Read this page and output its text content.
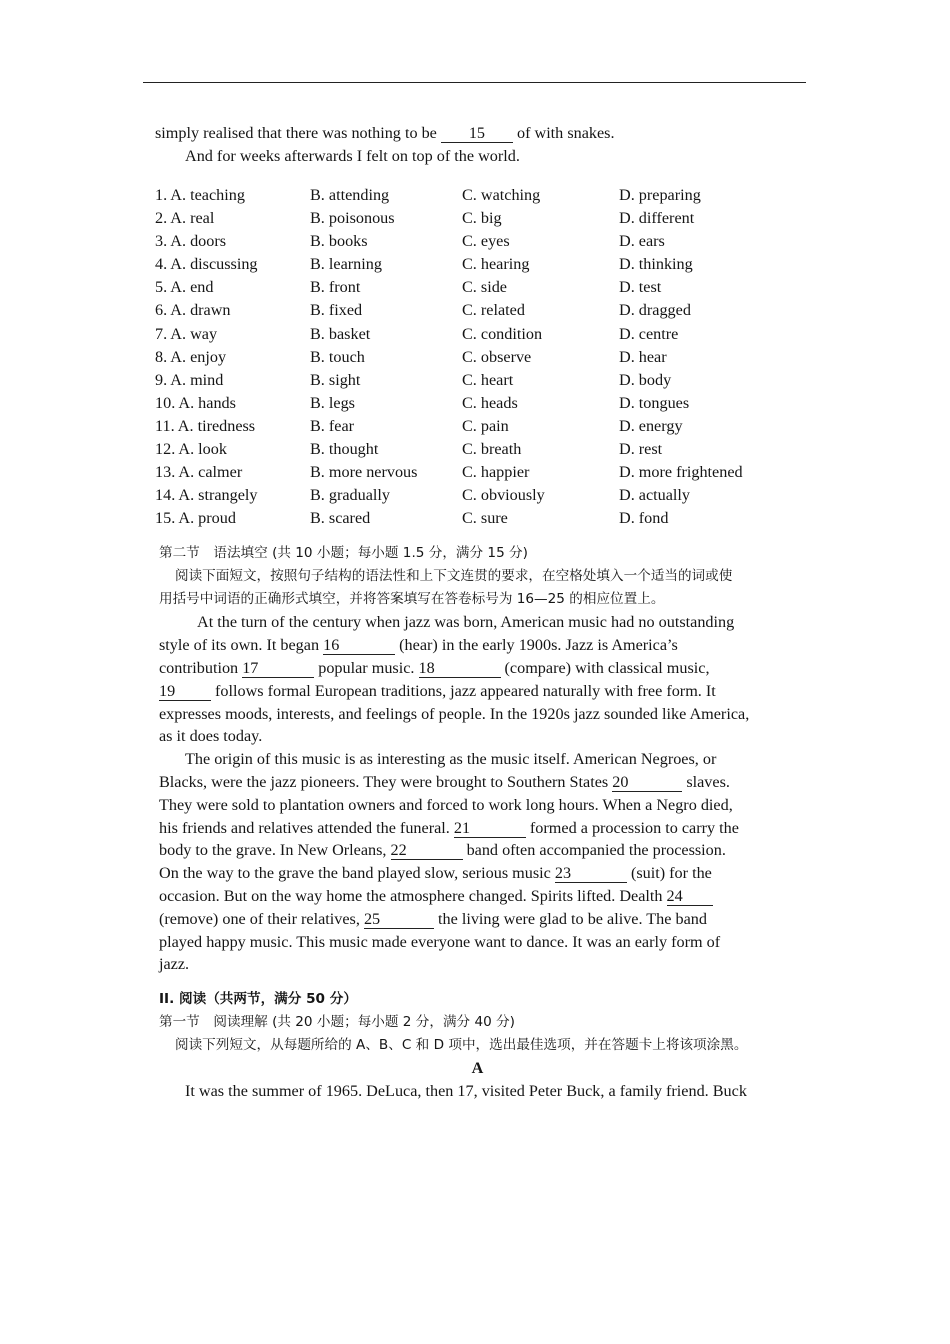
simply realised that there was nothing to be 15 of with snakes.
And for weeks afterwards I felt on top of the world.
1. A. teaching	B. attending	C. watching	D. preparing
2. A. real	B. poisonous	C. big	D. different
3. A. doors	B. books	C. eyes	D. ears
4. A. discussing	B. learning	C. hearing	D. thinking
5. A. end	B. front	C. side	D. test
6. A. drawn	B. fixed	C. related	D. dragged
7. A. way	B. basket	C. condition	D. centre
8. A. enjoy	B. touch	C. observe	D. hear
9. A. mind	B. sight	C. heart	D. body
10. A. hands	B. legs	C. heads	D. tongues
11. A. tiredness	B. fear	C. pain	D. energy
12. A. look	B. thought	C. breath	D. rest
13. A. calmer	B. more nervous	C. happier	D. more frightened
14. A. strangely	B. gradually	C. obviously	D. actually
15. A. proud	B. scared	C. sure	D. fond
第二节　语法填空 (共 10 小题；每小题 1.5 分，满分 15 分)
阅读下面短文，按照句子结构的语法性和上下文连贯的要求，在空格处填入一个适当的词或使
用括号中词语的正确形式填空，并将答案填写在答卷标号为 16—25 的相应位置上。
At the turn of the century when jazz was born, American music had no outstanding
style of its own. It began 16	(hear) in the early 1900s. Jazz is America’s
contribution 17	popular music. 18	(compare) with classical music,
19 follows formal European traditions, jazz appeared naturally with free form. It
expresses moods, interests, and feelings of people. In the 1920s jazz sounded like America,
as it does today.
The origin of this music is as interesting as the music itself. American Negroes, or
Blacks, were the jazz pioneers. They were brought to Southern States 20	slaves.
They were sold to plantation owners and forced to work long hours. When a Negro died,
his friends and relatives attended the funeral. 21	formed a procession to carry the
body to the grave. In New Orleans, 22	band often accompanied the procession.
On the way to the grave the band played slow, serious music 23	(suit) for the
occasion. But on the way home the atmosphere changed. Spirits lifted. Dealth 24
(remove) one of their relatives, 25	the living were glad to be alive. The band
played happy music. This music made everyone want to dance. It was an early form of
jazz.
II. 阅读（共两节，满分 50 分）
第一节　阅读理解 (共 20 小题；每小题 2 分，满分 40 分)
阅读下列短文，从每题所给的 A、B、C 和 D 项中，选出最佳选项，并在答题卡上将该项涂黑。
A
It was the summer of 1965. DeLuca, then 17, visited Peter Buck, a family friend. Buck
